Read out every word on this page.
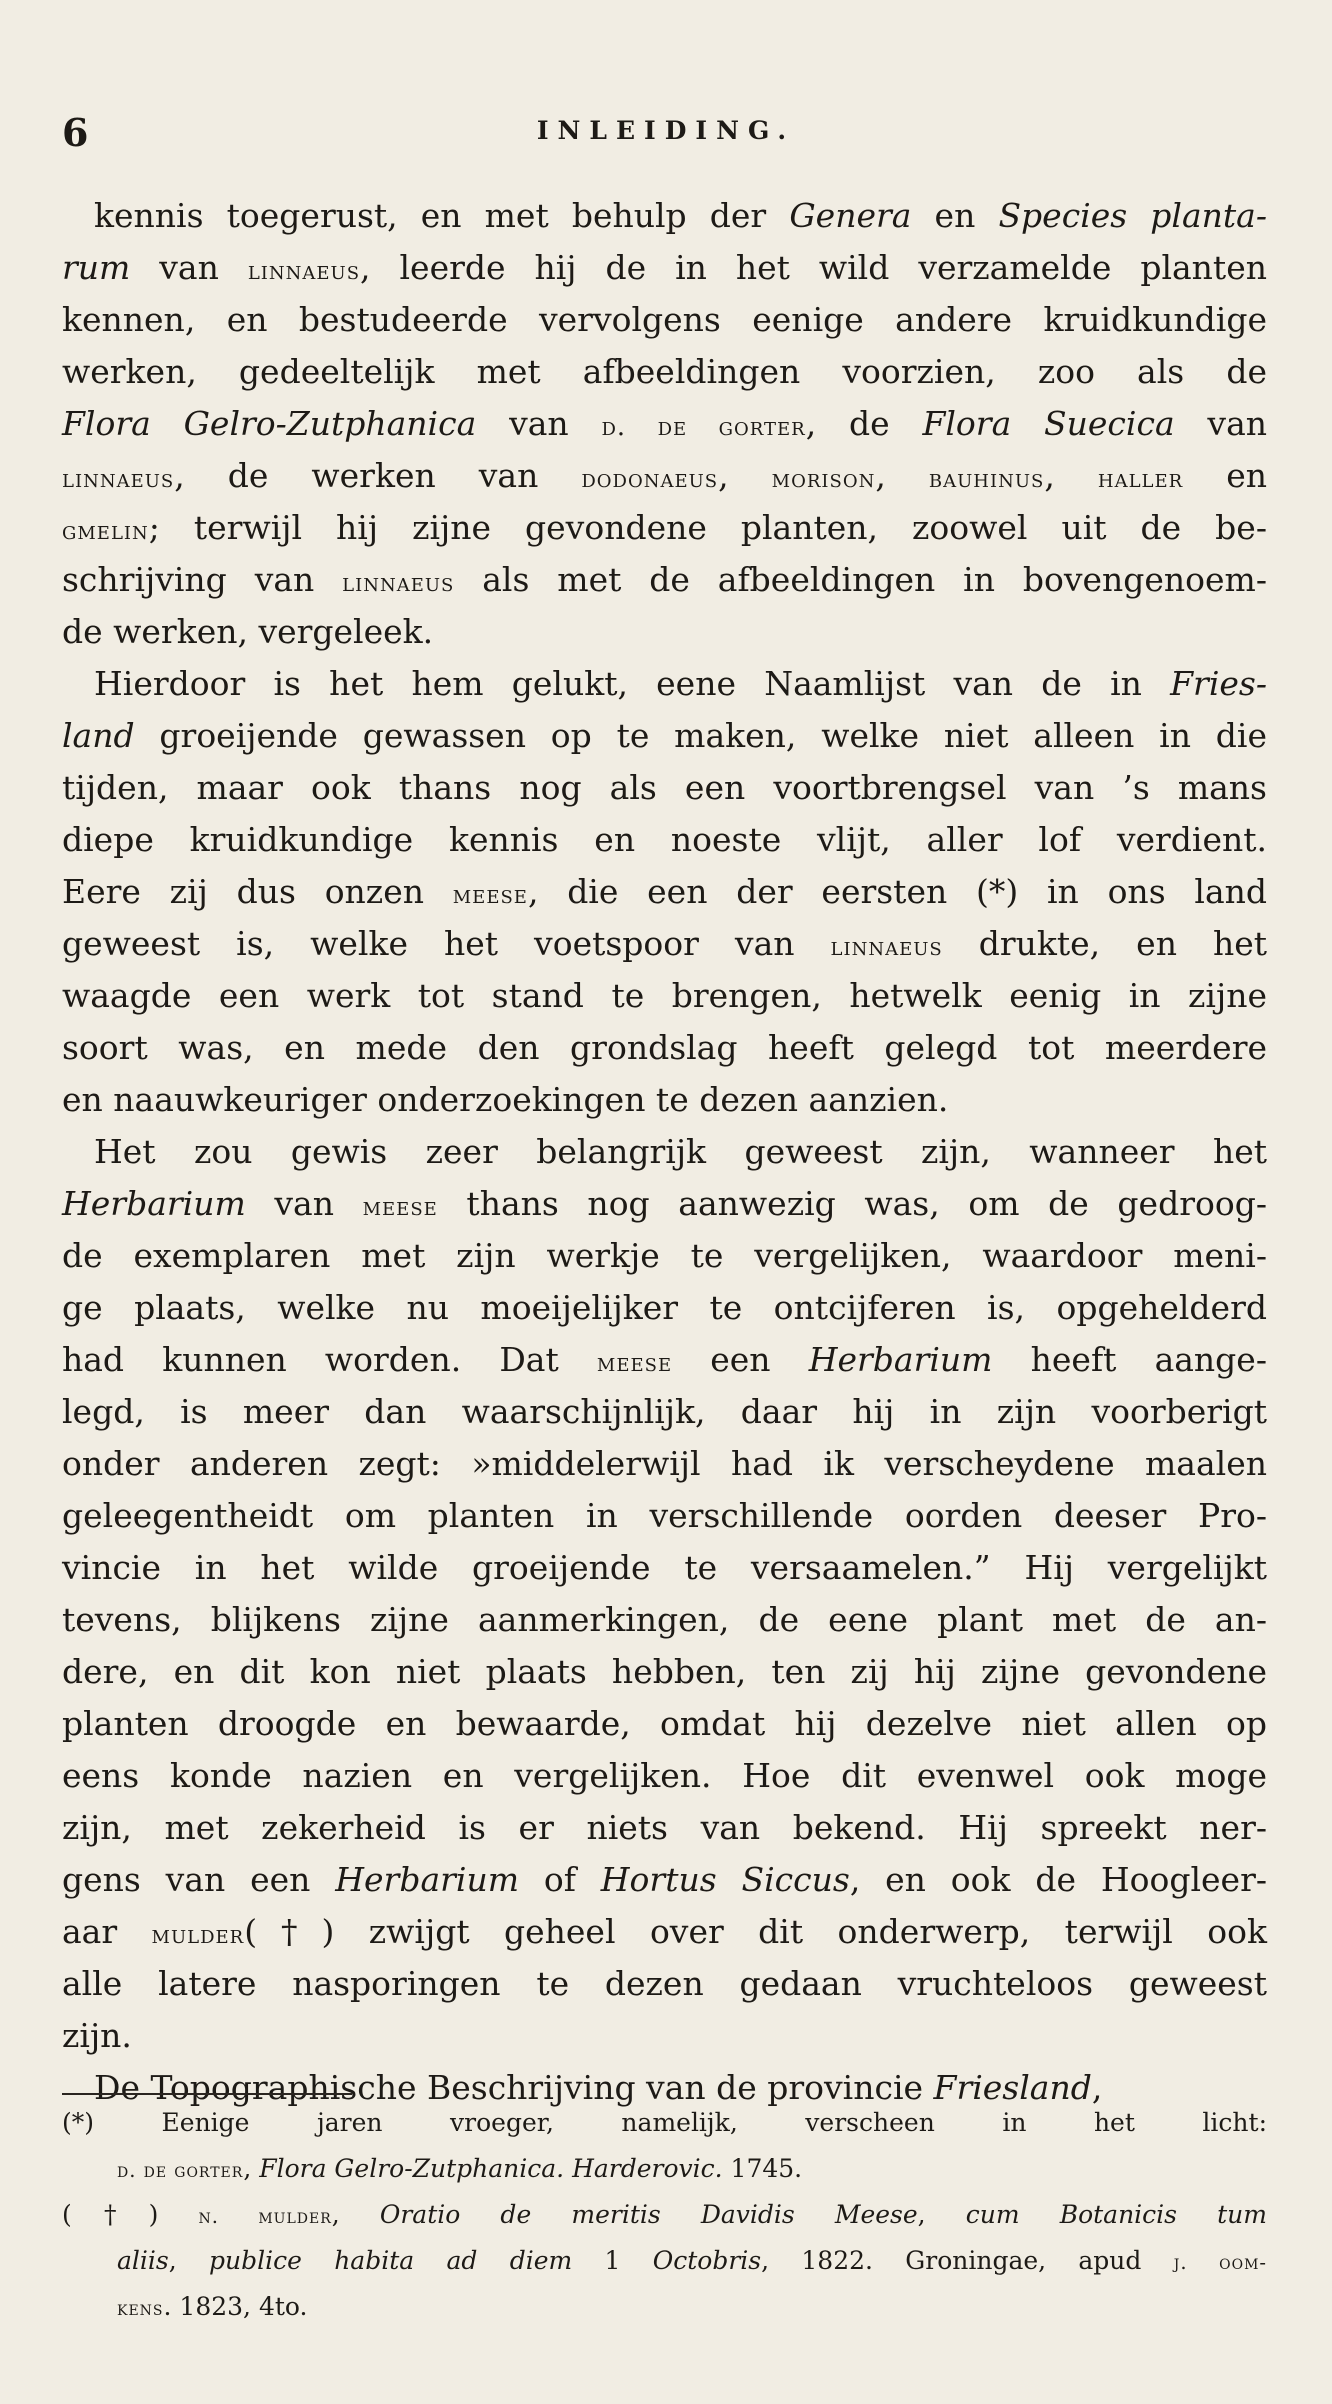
6	INLEIDING.
kennis toegerust, en met behulp der Genera en Species planta-
rum van linnaeus, leerde hij de in het wild verzamelde planten
kennen, en bestudeerde vervolgens eenige andere kruidkundige
werken, gedeeltelijk met afbeeldingen voorzien, zoo als de
Flora Gelro-Zutphanica van d. de gorter, de Flora Suecica van
linnaeus, de werken van dodonaeus, morison, bauhinus, haller en
gmelin; terwijl hij zijne gevondene planten, zoowel uit de be-
schrijving van linnaeus als met de afbeeldingen in bovengenoem-
de werken, vergeleek.
Hierdoor is het hem gelukt, eene Naamlijst van de in Fries-
land groeijende gewassen op te maken, welke niet alleen in die
tijden, maar ook thans nog als een voortbrengsel van ’s mans
diepe kruidkundige kennis en noeste vlijt, aller lof verdient.
Eere zij dus onzen meese, die een der eersten (*) in ons land
geweest is, welke het voetspoor van linnaeus drukte, en het
waagde een werk tot stand te brengen, hetwelk eenig in zijne
soort was, en mede den grondslag heeft gelegd tot meerdere
en naauwkeuriger onderzoekingen te dezen aanzien.
Het zou gewis zeer belangrijk geweest zijn, wanneer het
Herbarium van meese thans nog aanwezig was, om de gedroog-
de exemplaren met zijn werkje te vergelijken, waardoor meni-
ge plaats, welke nu moeijelijker te ontcijferen is, opgehelderd
had kunnen worden. Dat meese een Herbarium heeft aange-
legd, is meer dan waarschijnlijk, daar hij in zijn voorberigt
onder anderen zegt: »middelerwijl had ik verscheydene maalen
geleegentheidt om planten in verschillende oorden deeser Pro-
vincie in het wilde groeijende te versaamelen.” Hij vergelijkt
tevens, blijkens zijne aanmerkingen, de eene plant met de an-
dere, en dit kon niet plaats hebben, ten zij hij zijne gevondene
planten droogde en bewaarde, omdat hij dezelve niet allen op
eens konde nazien en vergelijken. Hoe dit evenwel ook moge
zijn, met zekerheid is er niets van bekend. Hij spreekt ner-
gens van een Herbarium of Hortus Siccus, en ook de Hoogleer-
aar mulder(†) zwijgt geheel over dit onderwerp, terwijl ook
alle latere nasporingen te dezen gedaan vruchteloos geweest
zijn.
De Topographische Beschrijving van de provincie Friesland,
(*) Eenige jaren vroeger, namelijk, verscheen in het licht:
d. de gorter, Flora Gelro-Zutphanica. Harderovic. 1745.
(†) n. mulder, Oratio de meritis Davidis Meese, cum Botanicis tum
aliis, publice habita ad diem 1 Octobris, 1822. Groningae, apud j. oom-
kens. 1823, 4to.
